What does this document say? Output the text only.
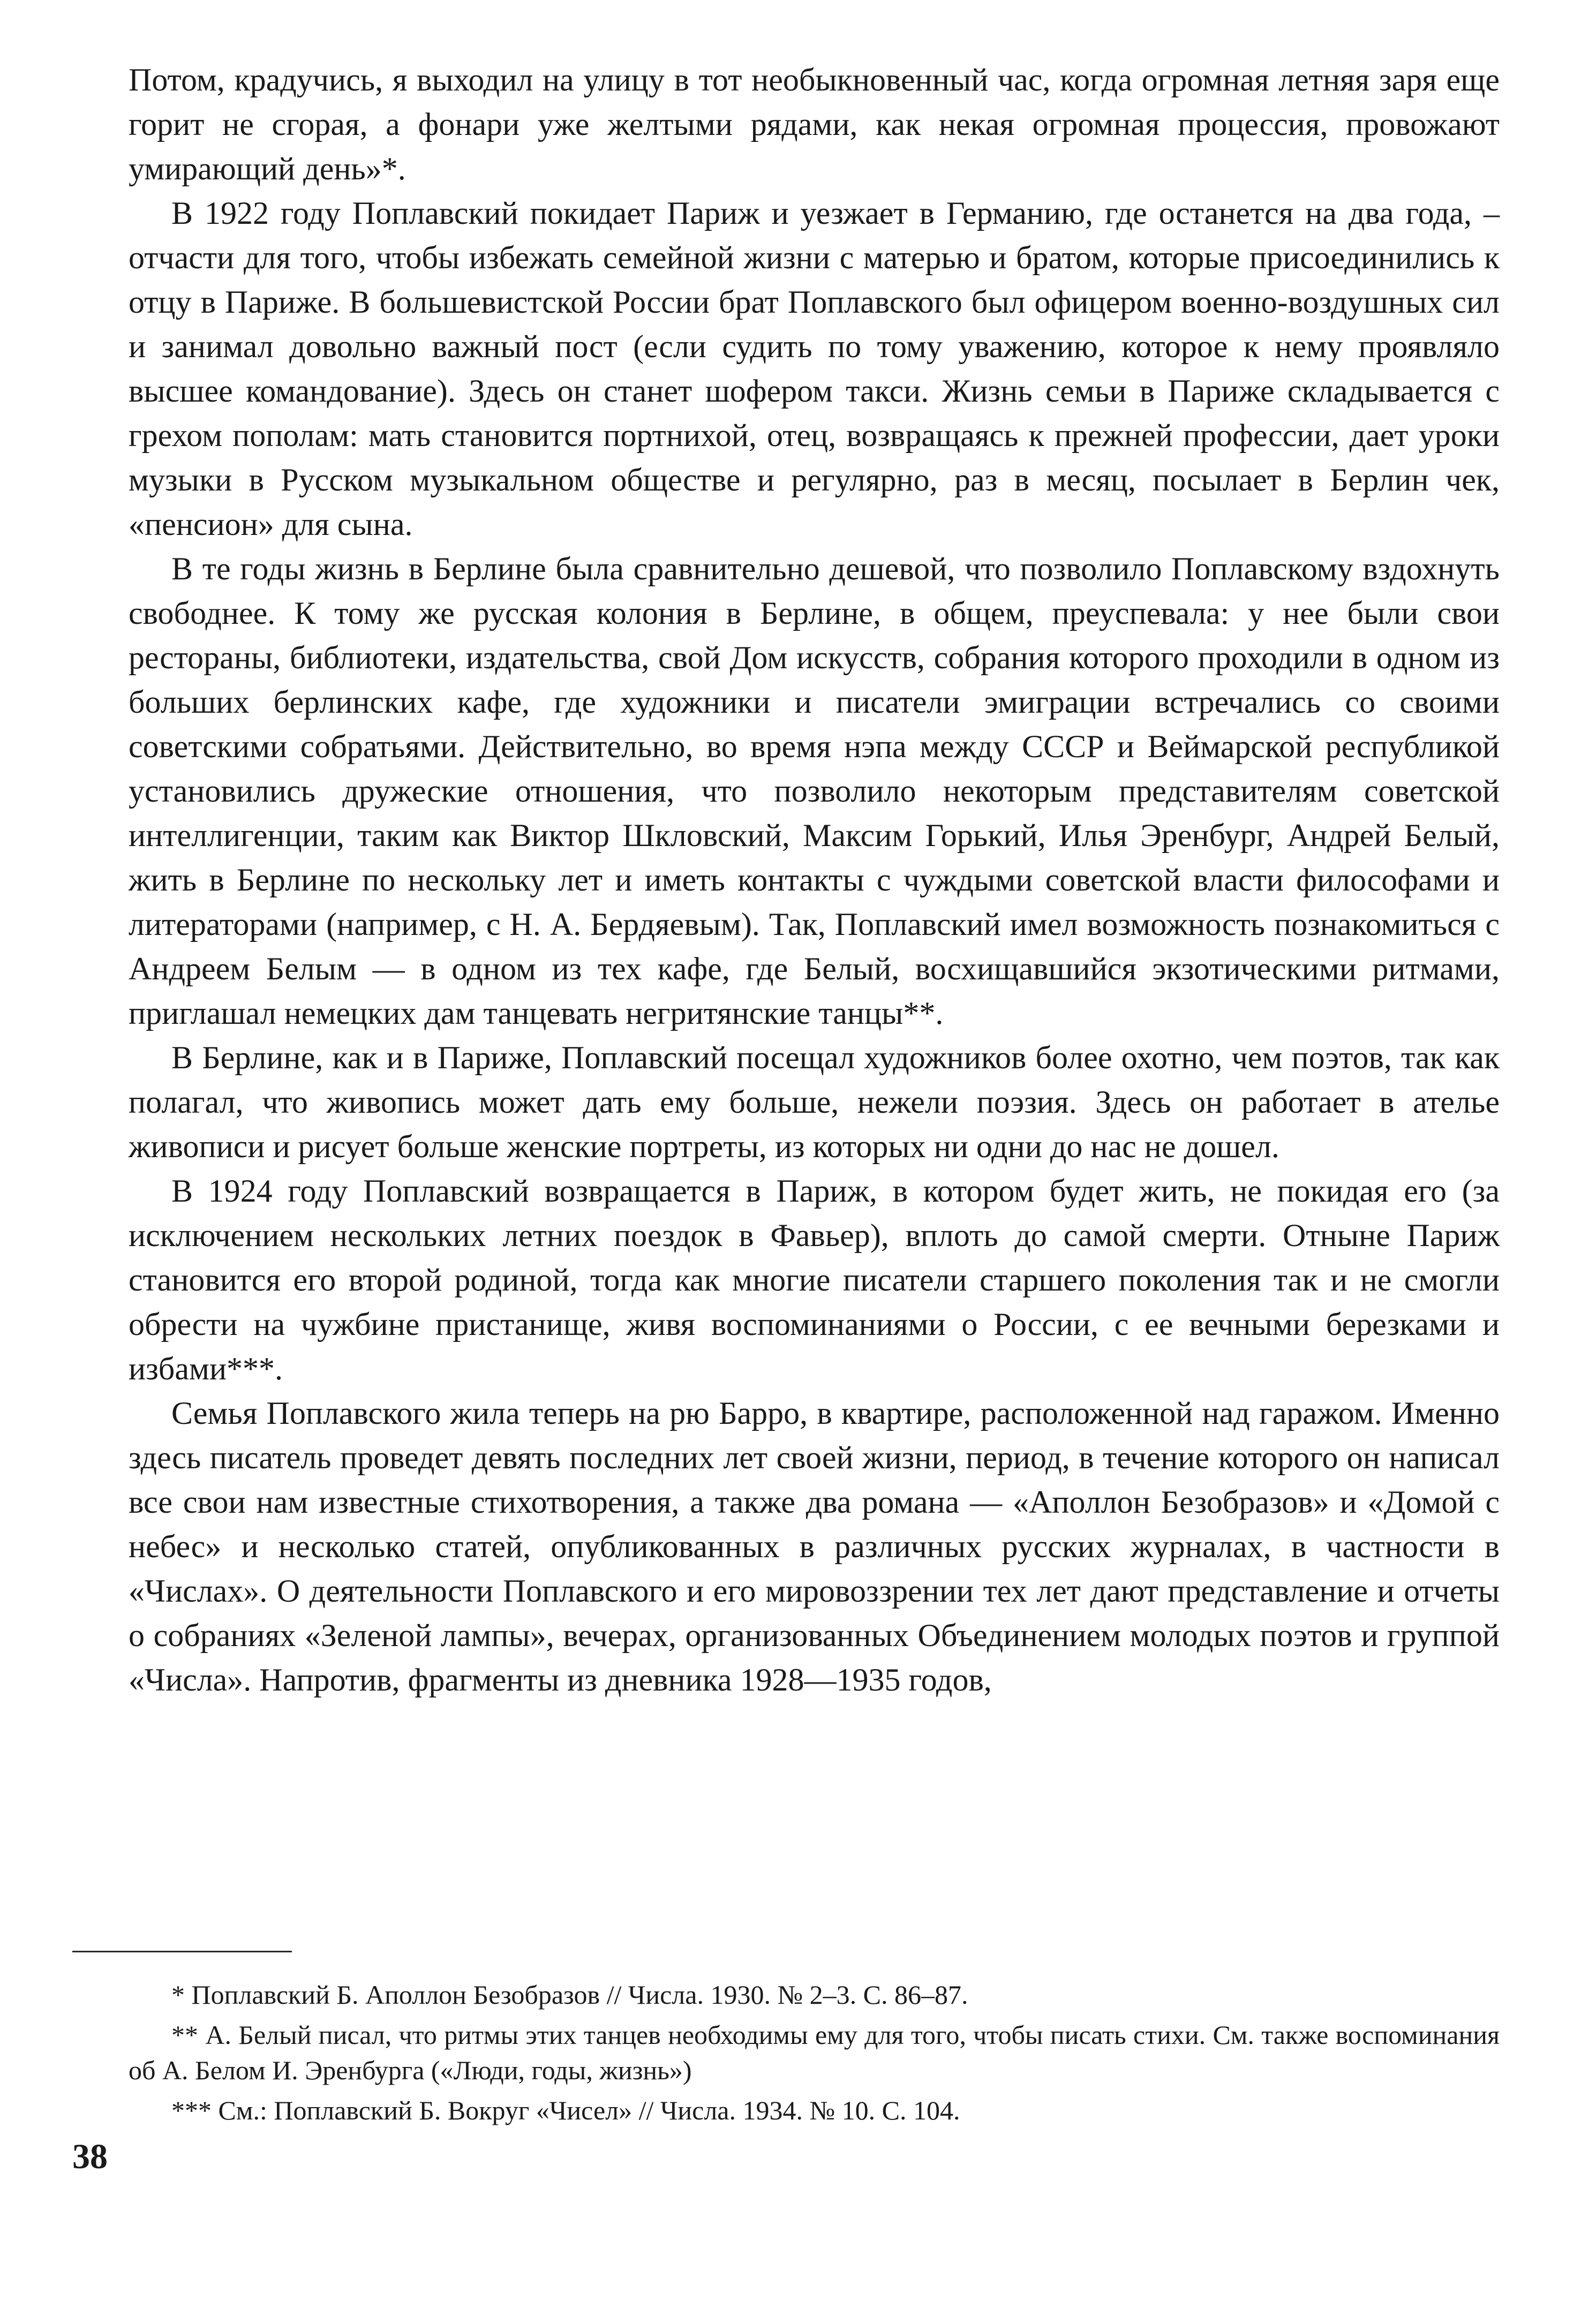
Потом, крадучись, я выходил на улицу в тот необыкновенный час, когда огромная летняя заря еще горит не сгорая, а фонари уже желтыми рядами, как некая огромная процессия, провожают умирающий день»*.

В 1922 году Поплавский покидает Париж и уезжает в Германию, где останется на два года, – отчасти для того, чтобы избежать семейной жизни с матерью и братом, которые присоединились к отцу в Париже. В большевистской России брат Поплавского был офицером военно-воздушных сил и занимал довольно важный пост (если судить по тому уважению, которое к нему проявляло высшее командование). Здесь он станет шофером такси. Жизнь семьи в Париже складывается с грехом пополам: мать становится портнихой, отец, возвращаясь к прежней профессии, дает уроки музыки в Русском музыкальном обществе и регулярно, раз в месяц, посылает в Берлин чек, «пенсион» для сына.

В те годы жизнь в Берлине была сравнительно дешевой, что позволило Поплавскому вздохнуть свободнее. К тому же русская колония в Берлине, в общем, преуспевала: у нее были свои рестораны, библиотеки, издательства, свой Дом искусств, собрания которого проходили в одном из больших берлинских кафе, где художники и писатели эмиграции встречались со своими советскими собратьями. Действительно, во время нэпа между СССР и Веймарской республикой установились дружеские отношения, что позволило некоторым представителям советской интеллигенции, таким как Виктор Шкловский, Максим Горький, Илья Эренбург, Андрей Белый, жить в Берлине по нескольку лет и иметь контакты с чуждыми советской власти философами и литераторами (например, с Н. А. Бердяевым). Так, Поплавский имел возможность познакомиться с Андреем Белым — в одном из тех кафе, где Белый, восхищавшийся экзотическими ритмами, приглашал немецких дам танцевать негритянские танцы**.

В Берлине, как и в Париже, Поплавский посещал художников более охотно, чем поэтов, так как полагал, что живопись может дать ему больше, нежели поэзия. Здесь он работает в ателье живописи и рисует больше женские портреты, из которых ни одни до нас не дошел.

В 1924 году Поплавский возвращается в Париж, в котором будет жить, не покидая его (за исключением нескольких летних поездок в Фавьер), вплоть до самой смерти. Отныне Париж становится его второй родиной, тогда как многие писатели старшего поколения так и не смогли обрести на чужбине пристанище, живя воспоминаниями о России, с ее вечными березками и избами***.

Семья Поплавского жила теперь на рю Барро, в квартире, расположенной над гаражом. Именно здесь писатель проведет девять последних лет своей жизни, период, в течение которого он написал все свои нам известные стихотворения, а также два романа — «Аполлон Безобразов» и «Домой с небес» и несколько статей, опубликованных в различных русских журналах, в частности в «Числах». О деятельности Поплавского и его мировоззрении тех лет дают представление и отчеты о собраниях «Зеленой лампы», вечерах, организованных Объединением молодых поэтов и группой «Числа». Напротив, фрагменты из дневника 1928—1935 годов,

* Поплавский Б. Аполлон Безобразов // Числа. 1930. № 2–3. С. 86–87.

** А. Белый писал, что ритмы этих танцев необходимы ему для того, чтобы писать стихи. См. также воспоминания об А. Белом И. Эренбурга («Люди, годы, жизнь»)

*** См.: Поплавский Б. Вокруг «Чисел» // Числа. 1934. № 10. С. 104.

38
